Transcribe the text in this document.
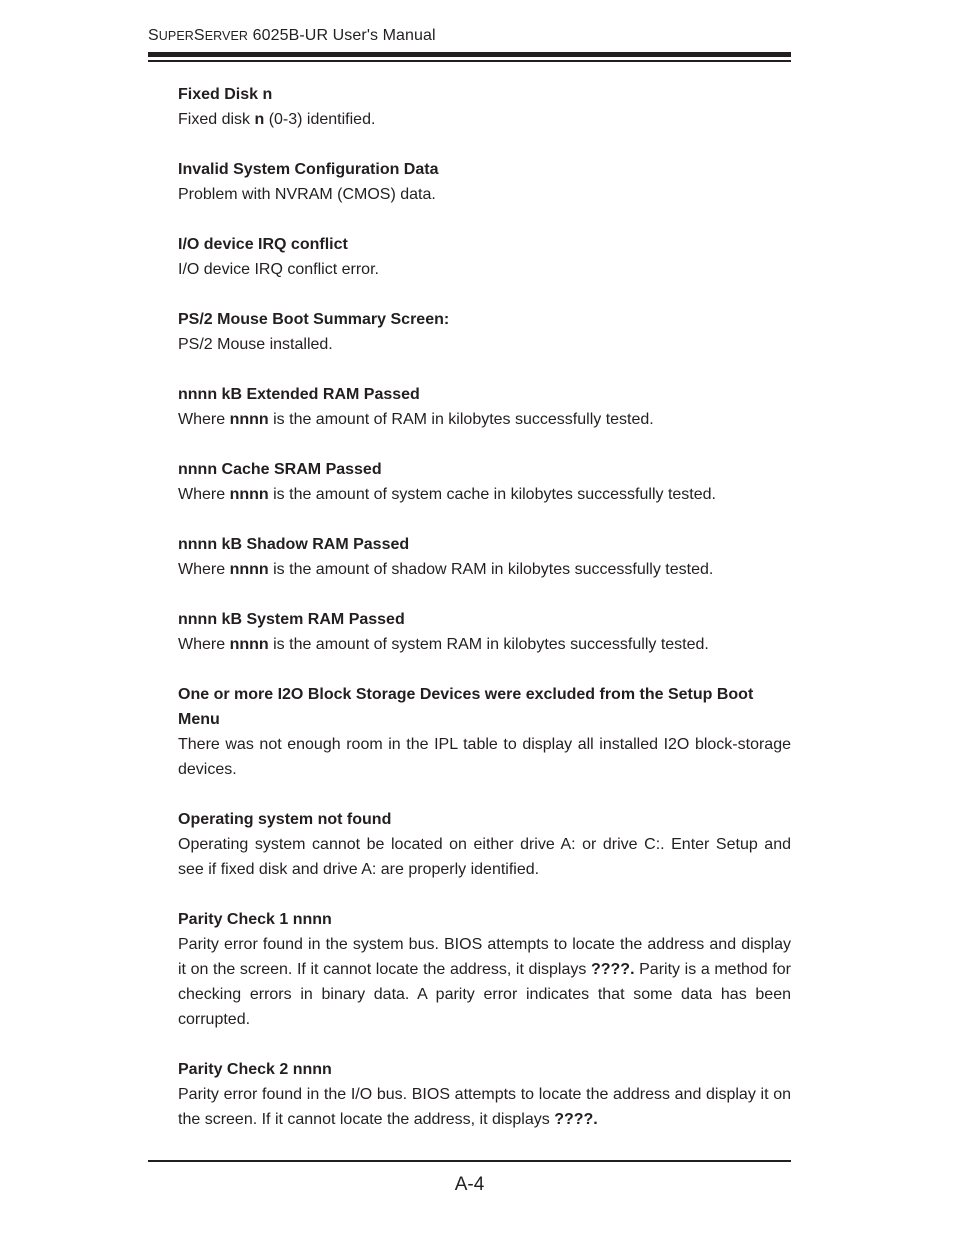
SUPERSERVER 6025B-UR User's Manual

Fixed Disk n

Fixed disk n (0-3) identified.

Invalid System Configuration Data

Problem with NVRAM (CMOS) data.

I/O device IRQ conflict

I/O device IRQ conflict error.

PS/2 Mouse Boot Summary Screen:

PS/2 Mouse installed.

nnnn kB Extended RAM Passed

Where nnnn is the amount of RAM in kilobytes successfully tested.

nnnn Cache SRAM Passed

Where nnnn is the amount of system cache in kilobytes successfully tested.

nnnn kB Shadow RAM Passed

Where nnnn is the amount of shadow RAM in kilobytes successfully tested.

nnnn kB System RAM Passed

Where nnnn is the amount of system RAM in kilobytes successfully tested.

One or more I2O Block Storage Devices were excluded from the Setup Boot Menu

There was not enough room in the IPL table to display all installed I2O block-storage devices.

Operating system not found

Operating system cannot be located on either drive A: or drive C:. Enter Setup and see if fixed disk and drive A: are properly identified.

Parity Check 1 nnnn

Parity error found in the system bus. BIOS attempts to locate the address and display it on the screen. If it cannot locate the address, it displays ????. Parity is a method for checking errors in binary data. A parity error indicates that some data has been corrupted.

Parity Check 2 nnnn

Parity error found in the I/O bus. BIOS attempts to locate the address and display it on the screen. If it cannot locate the address, it displays ????.

A-4
